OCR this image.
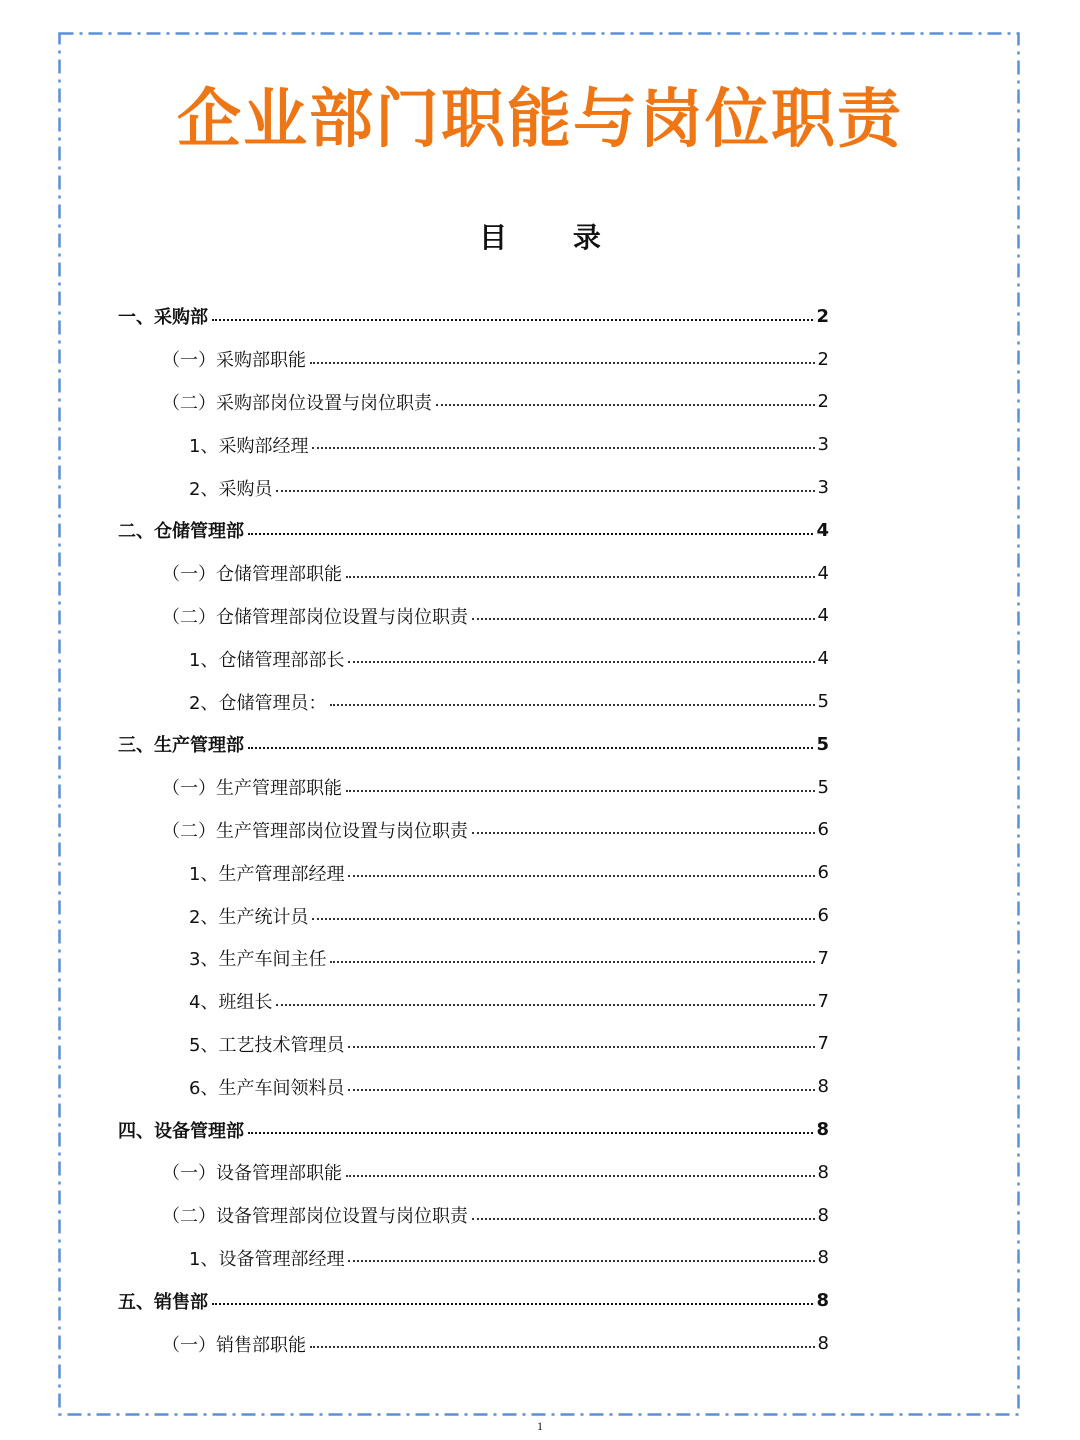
企业部门职能与岗位职责
目 录
一、 采购部	2
（一） 采购部职能	2
（二） 采购部岗位设置与岗位职责	2
1、 采购部经理	3
2、 采购员	3
二、 仓储管理部	4
（一） 仓储管理部职能	4
（二） 仓储管理部岗位设置与岗位职责	4
1、 仓储管理部部长	4
2、 仓储管理员：	5
三、 生产管理部	5
（一） 生产管理部职能	5
（二） 生产管理部岗位设置与岗位职责	6
1、 生产管理部经理	6
2、 生产统计员	6
3、 生产车间主任	7
4、 班组长	7
5、 工艺技术管理员	7
6、 生产车间领料员	8
四、 设备管理部	8
（一） 设备管理部职能	8
（二） 设备管理部岗位设置与岗位职责	8
1、 设备管理部经理	8
五、 销售部	8
（一） 销售部职能	8

1
